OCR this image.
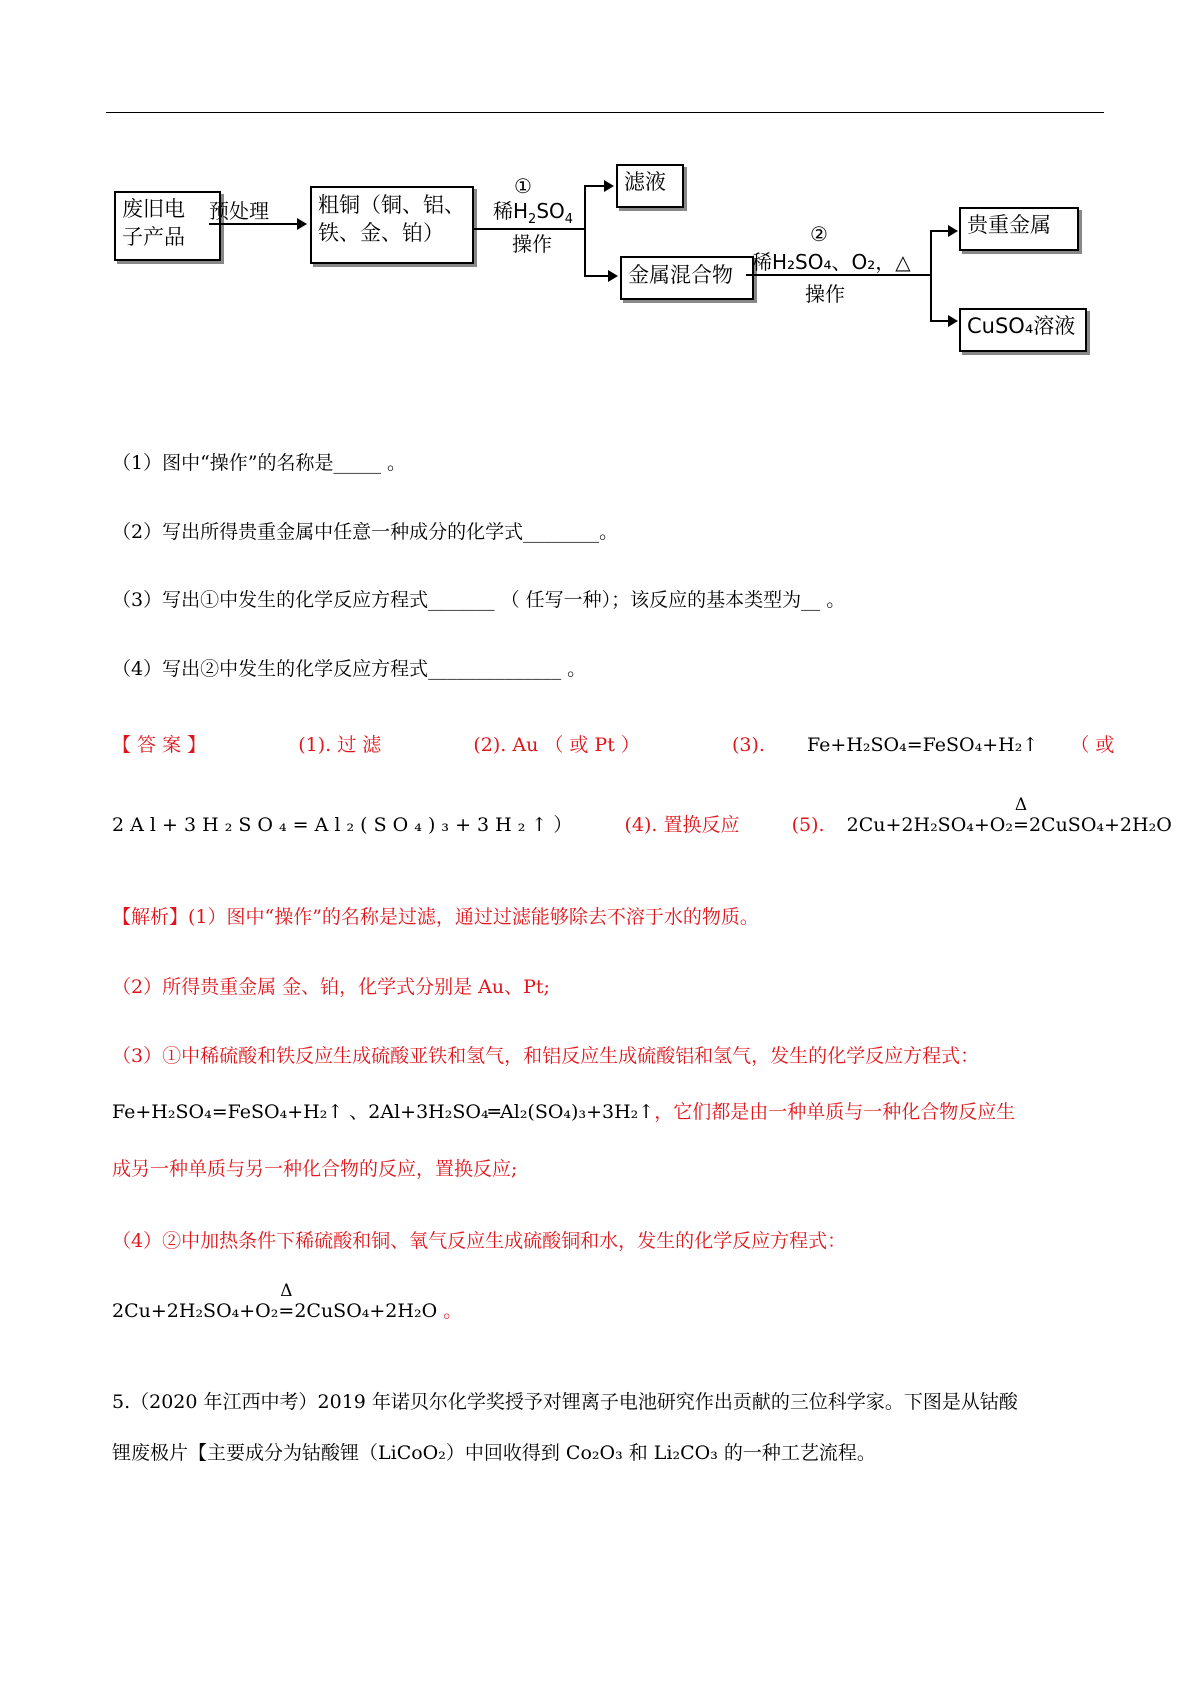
废旧电
子产品
预处理	粗铜（铜、铝、
铁、金、铂）
①
稀$H_2SO_4$
操作
滤液
金属混合物
②
稀H₂SO₄、O₂，△
操作
贵重金属
CuSO₄溶液
（1）图中“操作”的名称是_____ 。
（2）写出所得贵重金属中任意一种成分的化学式________。
（3）写出①中发生的化学反应方程式_______ （ 任写一种）；该反应的基本类型为__ 。
（4）写出②中发生的化学反应方程式______________ 。
【 答 案 】	(1). 过 滤	(2). Au （ 或 Pt ）	(3). Fe+H₂SO₄=FeSO₄+H₂↑ （ 或
2 A l + 3 H ₂ S O ₄ = A l ₂ ( S O ₄ ) ₃ + 3 H ₂ ↑ ）	(4). 置换反应	(5). 2Cu+2H₂SO₄+O₂
Δ
=2CuSO₄+2H₂O
【解析】(1）图中“操作”的名称是过滤，通过过滤能够除去不溶于水的物质。
（2）所得贵重金属 金、铂，化学式分别是 Au、Pt;
（3）①中稀硫酸和铁反应生成硫酸亚铁和氢气，和铝反应生成硫酸铝和氢气，发生的化学反应方程式：
Fe+H₂SO₄=FeSO₄+H₂↑ 、2Al+3H₂SO₄═Al₂(SO₄)₃+3H₂↑，它们都是由一种单质与一种化合物反应生
成另一种单质与另一种化合物的反应，置换反应;
（4）②中加热条件下稀硫酸和铜、氧气反应生成硫酸铜和水，发生的化学反应方程式：
2Cu+2H₂SO₄+O₂
Δ
=2CuSO₄+2H₂O 。
5.（2020 年江西中考）2019 年诺贝尔化学奖授予对锂离子电池研究作出贡献的三位科学家。下图是从钴酸
锂废极片【主要成分为钴酸锂（LiCoO₂）中回收得到 Co₂O₃ 和 Li₂CO₃ 的一种工艺流程。
